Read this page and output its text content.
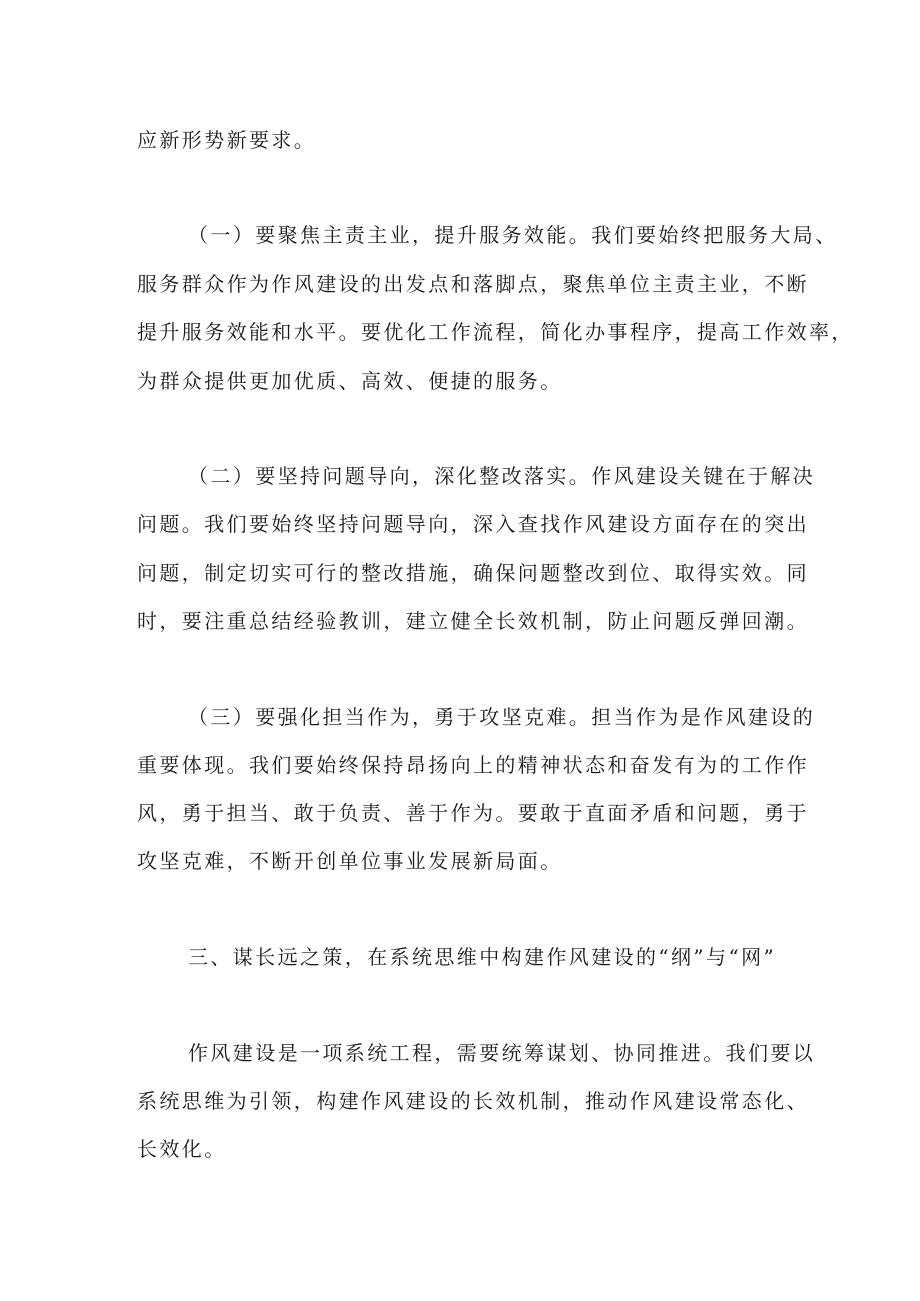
应新形势新要求。
（一）要聚焦主责主业，提升服务效能。我们要始终把服务大局、
服务群众作为作风建设的出发点和落脚点，聚焦单位主责主业，不断
提升服务效能和水平。要优化工作流程，简化办事程序，提高工作效率，
为群众提供更加优质、高效、便捷的服务。
（二）要坚持问题导向，深化整改落实。作风建设关键在于解决
问题。我们要始终坚持问题导向，深入查找作风建设方面存在的突出
问题，制定切实可行的整改措施，确保问题整改到位、取得实效。同
时，要注重总结经验教训，建立健全长效机制，防止问题反弹回潮。
（三）要强化担当作为，勇于攻坚克难。担当作为是作风建设的
重要体现。我们要始终保持昂扬向上的精神状态和奋发有为的工作作
风，勇于担当、敢于负责、善于作为。要敢于直面矛盾和问题，勇于
攻坚克难，不断开创单位事业发展新局面。
三、谋长远之策，在系统思维中构建作风建设的“纲”与“网”
作风建设是一项系统工程，需要统筹谋划、协同推进。我们要以
系统思维为引领，构建作风建设的长效机制，推动作风建设常态化、
长效化。
